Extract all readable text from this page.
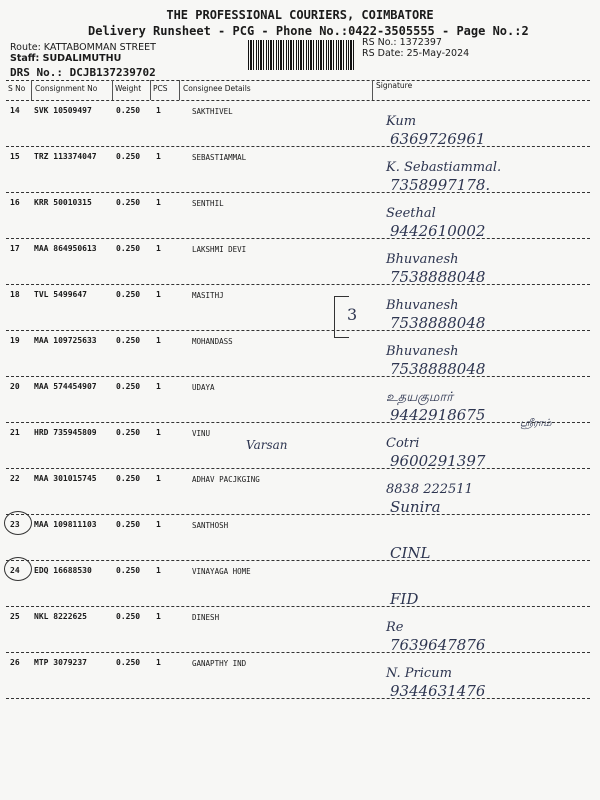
THE PROFESSIONAL COURIERS, COIMBATORE
Delivery Runsheet - PCG - Phone No.:0422-3505555 - Page No.:2
Route: KATTABOMMAN STREET
Staff: SUDALIMUTHU
DRS No.: DCJB137239702
RS No.: 1372397
RS Date: 25-May-2024
S No Consignment No Weight PCS Consignee Details	Signature
14 SVK 10509497	0.250 1	SAKTHIVEL
Kum
6369726961
15 TRZ 113374047 0.250 1	SEBASTIAMMAL
K. Sebastiammal.
7358997178.
16 KRR 50010315	0.250 1	SENTHIL
Seethal
9442610002
17 MAA 864950613 0.250 1	LAKSHMI DEVI
Bhuvanesh
7538888048
18 TVL 5499647	0.250 1	MASITHJ
Bhuvanesh
7538888048
19 MAA 109725633 0.250 1	MOHANDASS
Bhuvanesh
7538888048
20 MAA 574454907 0.250 1	UDAYA
உதயகுமார்
9442918675
21 HRD 735945809 0.250 1	VINU
Cotri
9600291397
22 MAA 301015745 0.250 1	ADHAV PACJKGING
8838 222511
Sunira
23 MAA 109811103 0.250 1	SANTHOSH
CINL
24 EDQ 16688530	0.250 1	VINAYAGA HOME
FID
25 NKL 8222625	0.250 1	DINESH
Re
7639647876
26 MTP 3079237	0.250 1	GANAPTHY IND
N. Pricum
9344631476
Varsan
ஸ்ரீராம்
3
